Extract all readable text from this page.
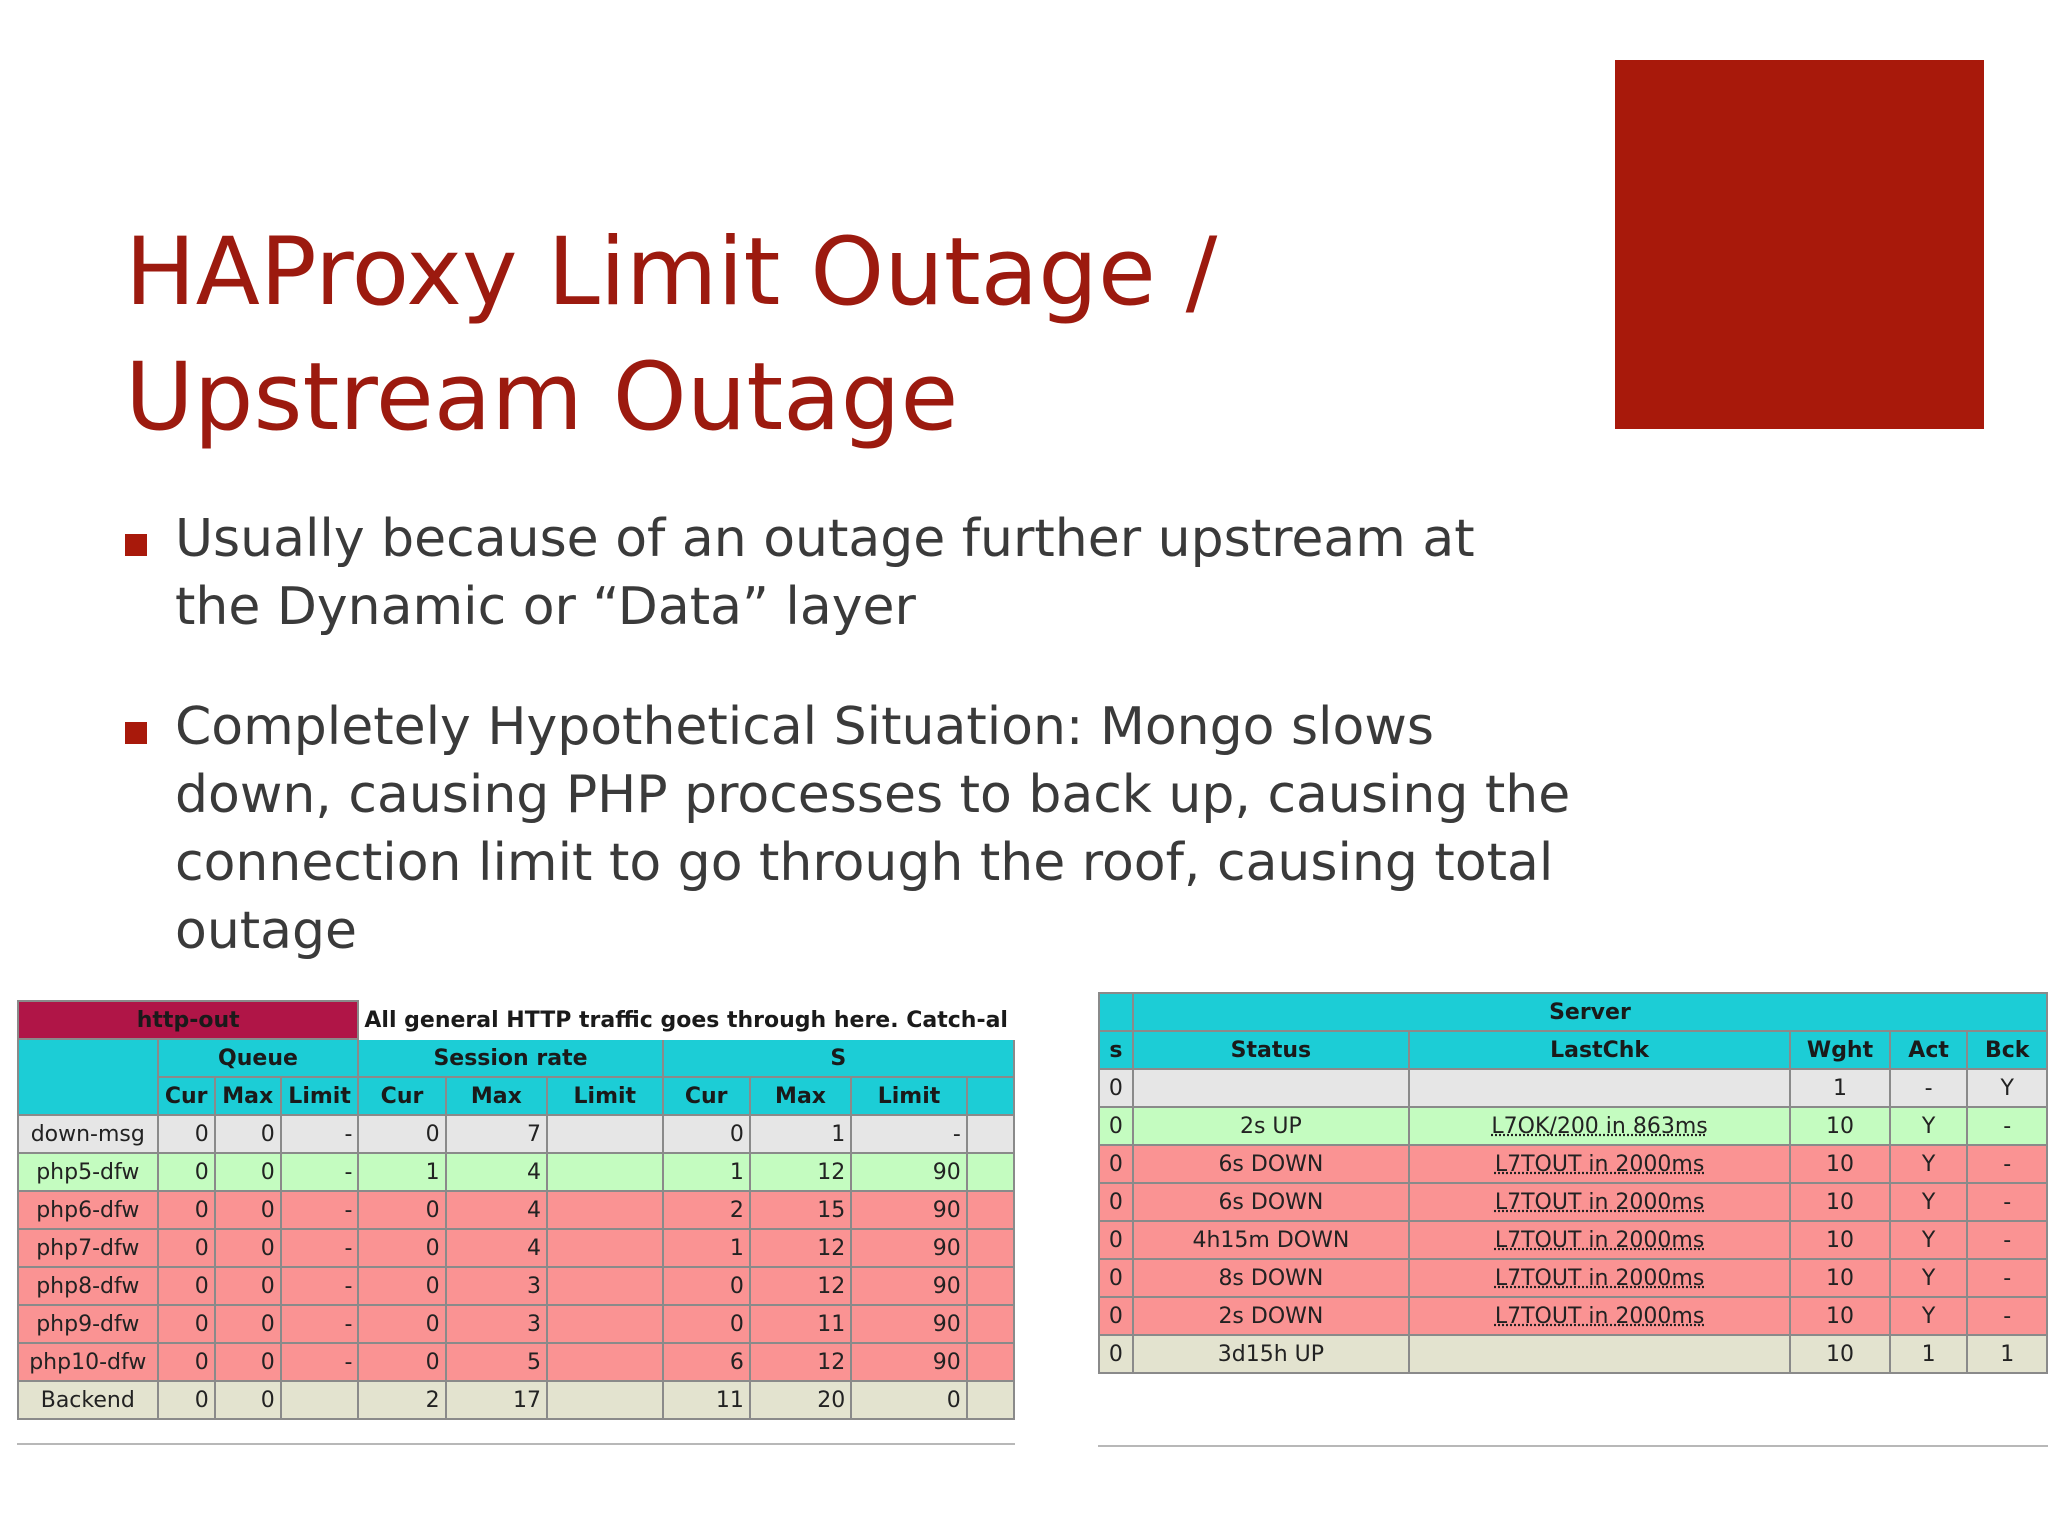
HAProxy Limit Outage /
Upstream Outage
Usually because of an outage further upstream at the Dynamic or “Data” layer
Completely Hypothetical Situation: Mongo slows down, causing PHP processes to back up, causing the connection limit to go through the roof, causing total outage
http-out				All general HTTP traffic goes through here. Catch-al						
	Queue			Session rate			S			
	Cur	Max	Limit	Cur	Max	Limit	Cur	Max	Limit	
down-msg	0	0	-	0	7		0	1	-	
php5-dfw	0	0	-	1	4		1	12	90	
php6-dfw	0	0	-	0	4		2	15	90	
php7-dfw	0	0	-	0	4		1	12	90	
php8-dfw	0	0	-	0	3		0	12	90	
php9-dfw	0	0	-	0	3		0	11	90	
php10-dfw	0	0	-	0	5		6	12	90	
Backend	0	0		2	17		11	20	0	
	Server				
s	Status	LastChk	Wght	Act	Bck
0			1	-	Y
0	2s UP	L7OK/200 in 863ms	10	Y	-
0	6s DOWN	L7TOUT in 2000ms	10	Y	-
0	6s DOWN	L7TOUT in 2000ms	10	Y	-
0	4h15m DOWN	L7TOUT in 2000ms	10	Y	-
0	8s DOWN	L7TOUT in 2000ms	10	Y	-
0	2s DOWN	L7TOUT in 2000ms	10	Y	-
0	3d15h UP		10	1	1
